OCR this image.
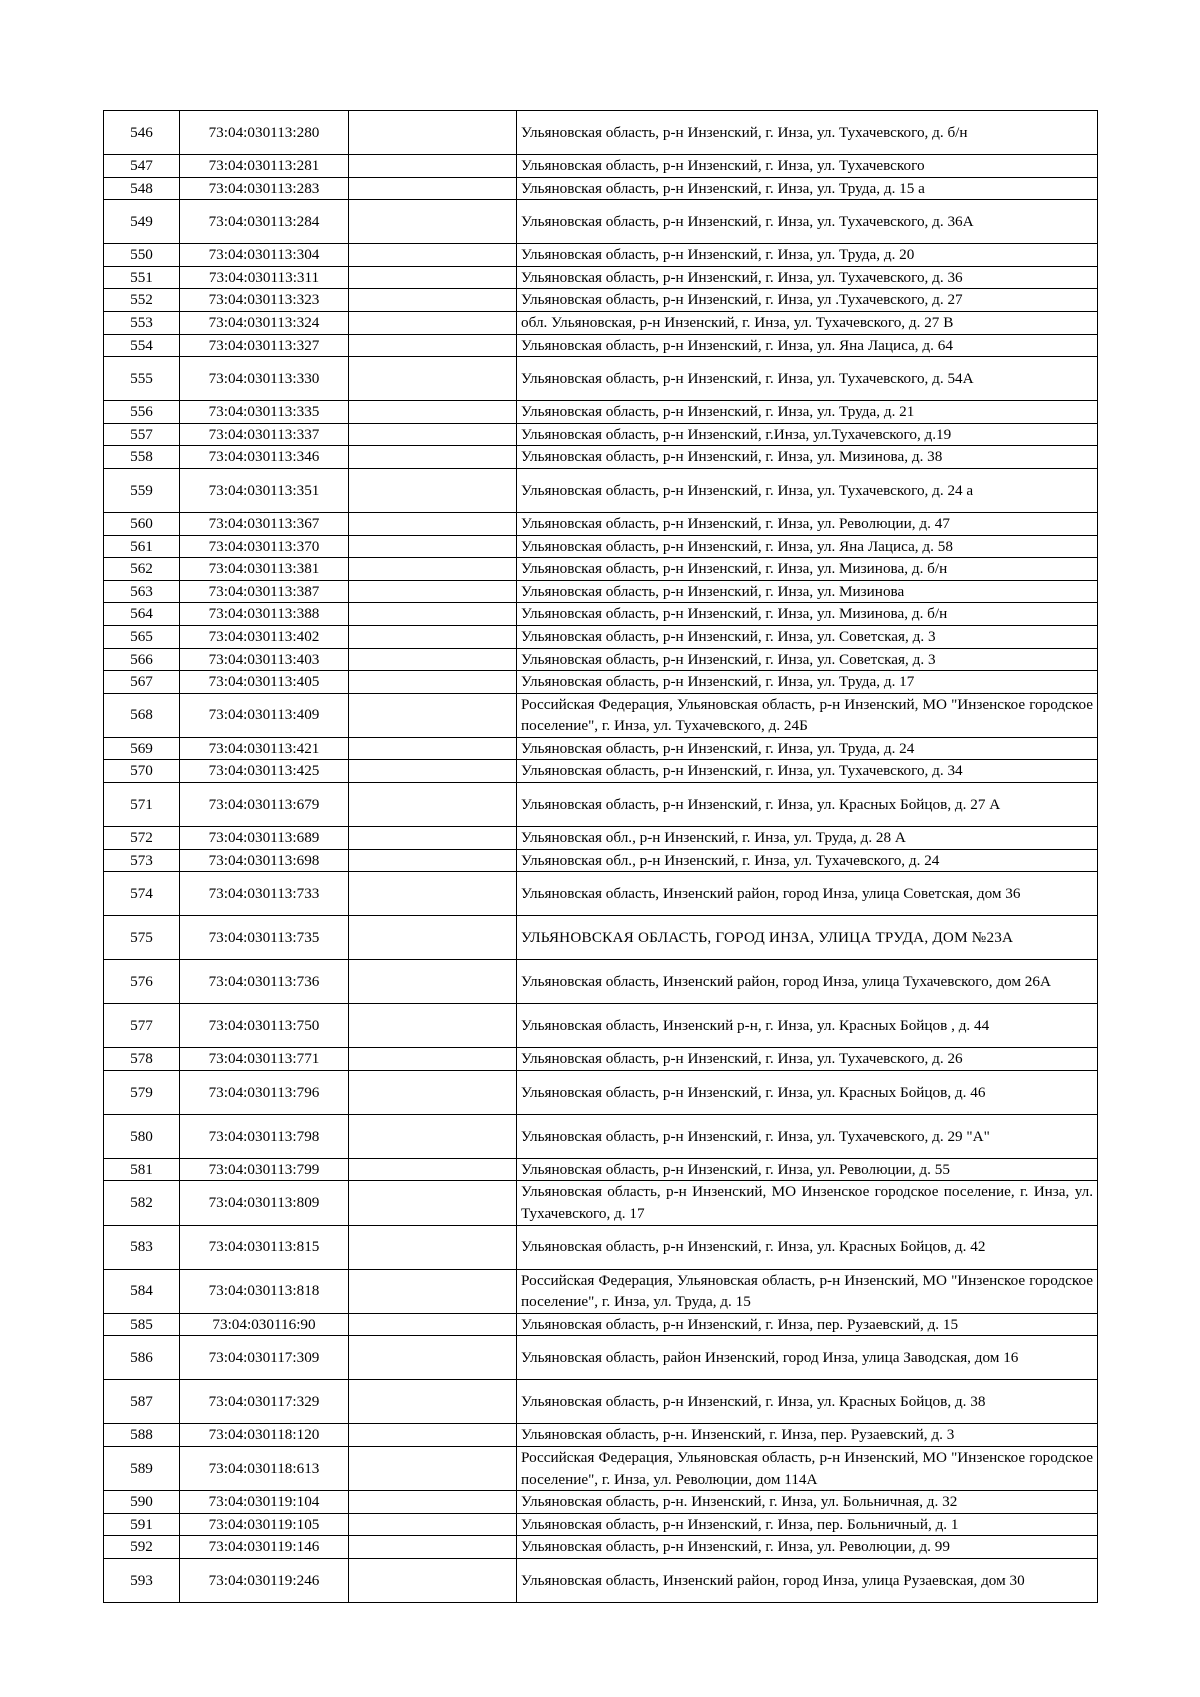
546	73:04:030113:280		Ульяновская область, р-н Инзенский, г. Инза, ул. Тухачевского, д. б/н
547	73:04:030113:281		Ульяновская область, р-н Инзенский, г. Инза, ул. Тухачевского
548	73:04:030113:283		Ульяновская область, р-н Инзенский, г. Инза, ул. Труда, д. 15 а
549	73:04:030113:284		Ульяновская область, р-н Инзенский, г. Инза, ул. Тухачевского, д. 36А
550	73:04:030113:304		Ульяновская область, р-н Инзенский, г. Инза, ул. Труда, д. 20
551	73:04:030113:311		Ульяновская область, р-н Инзенский, г. Инза, ул. Тухачевского, д. 36
552	73:04:030113:323		Ульяновская область, р-н Инзенский, г. Инза, ул .Тухачевского, д. 27
553	73:04:030113:324		обл. Ульяновская, р-н Инзенский, г. Инза, ул. Тухачевского, д. 27 В
554	73:04:030113:327		Ульяновская область, р-н Инзенский, г. Инза, ул. Яна Лациса, д. 64
555	73:04:030113:330		Ульяновская область, р-н Инзенский, г. Инза, ул. Тухачевского, д. 54А
556	73:04:030113:335		Ульяновская область, р-н Инзенский, г. Инза, ул. Труда, д. 21
557	73:04:030113:337		Ульяновская область, р-н Инзенский, г.Инза, ул.Тухачевского, д.19
558	73:04:030113:346		Ульяновская область, р-н Инзенский, г. Инза, ул. Мизинова, д. 38
559	73:04:030113:351		Ульяновская область, р-н Инзенский, г. Инза, ул. Тухачевского, д. 24 а
560	73:04:030113:367		Ульяновская область, р-н Инзенский, г. Инза, ул. Революции, д. 47
561	73:04:030113:370		Ульяновская область, р-н Инзенский, г. Инза, ул. Яна Лациса, д. 58
562	73:04:030113:381		Ульяновская область, р-н Инзенский, г. Инза, ул. Мизинова, д. б/н
563	73:04:030113:387		Ульяновская область, р-н Инзенский, г. Инза, ул. Мизинова
564	73:04:030113:388		Ульяновская область, р-н Инзенский, г. Инза, ул. Мизинова, д. б/н
565	73:04:030113:402		Ульяновская область, р-н Инзенский, г. Инза, ул. Советская, д. 3
566	73:04:030113:403		Ульяновская область, р-н Инзенский, г. Инза, ул. Советская, д. 3
567	73:04:030113:405		Ульяновская область, р-н Инзенский, г. Инза, ул. Труда, д. 17
568	73:04:030113:409		Российская Федерация, Ульяновская область, р-н Инзенский, МО "Инзенское городское поселение", г. Инза, ул. Тухачевского, д. 24Б
569	73:04:030113:421		Ульяновская область, р-н Инзенский, г. Инза, ул. Труда, д. 24
570	73:04:030113:425		Ульяновская область, р-н Инзенский, г. Инза, ул. Тухачевского, д. 34
571	73:04:030113:679		Ульяновская область, р-н Инзенский, г. Инза, ул. Красных Бойцов, д. 27 А
572	73:04:030113:689		Ульяновская обл., р-н Инзенский, г. Инза, ул. Труда, д. 28 А
573	73:04:030113:698		Ульяновская обл., р-н Инзенский, г. Инза, ул. Тухачевского, д. 24
574	73:04:030113:733		Ульяновская область, Инзенский район, город Инза, улица Советская, дом 36
575	73:04:030113:735		УЛЬЯНОВСКАЯ ОБЛАСТЬ, ГОРОД ИНЗА, УЛИЦА ТРУДА, ДОМ №23А
576	73:04:030113:736		Ульяновская область, Инзенский район, город Инза, улица Тухачевского, дом 26А
577	73:04:030113:750		Ульяновская область, Инзенский р-н, г. Инза, ул. Красных Бойцов , д. 44
578	73:04:030113:771		Ульяновская область, р-н Инзенский, г. Инза, ул. Тухачевского, д. 26
579	73:04:030113:796		Ульяновская область, р-н Инзенский, г. Инза, ул. Красных Бойцов, д. 46
580	73:04:030113:798		Ульяновская область, р-н Инзенский, г. Инза, ул. Тухачевского, д. 29 "А"
581	73:04:030113:799		Ульяновская область, р-н Инзенский, г. Инза, ул. Революции, д. 55
582	73:04:030113:809		Ульяновская область, р-н Инзенский, МО Инзенское городское поселение, г. Инза, ул. Тухачевского, д. 17
583	73:04:030113:815		Ульяновская область, р-н Инзенский, г. Инза, ул. Красных Бойцов, д. 42
584	73:04:030113:818		Российская Федерация, Ульяновская область, р-н Инзенский, МО "Инзенское городское поселение", г. Инза, ул. Труда, д. 15
585	73:04:030116:90		Ульяновская область, р-н Инзенский, г. Инза, пер. Рузаевский, д. 15
586	73:04:030117:309		Ульяновская область, район Инзенский, город Инза, улица Заводская, дом 16
587	73:04:030117:329		Ульяновская область, р-н Инзенский, г. Инза, ул. Красных Бойцов, д. 38
588	73:04:030118:120		Ульяновская область, р-н. Инзенский, г. Инза, пер. Рузаевский, д. 3
589	73:04:030118:613		Российская Федерация, Ульяновская область, р-н Инзенский, МО "Инзенское городское поселение", г. Инза, ул. Революции, дом 114А
590	73:04:030119:104		Ульяновская область, р-н. Инзенский, г. Инза, ул. Больничная, д. 32
591	73:04:030119:105		Ульяновская область, р-н Инзенский, г. Инза, пер. Больничный, д. 1
592	73:04:030119:146		Ульяновская область, р-н Инзенский, г. Инза, ул. Революции, д. 99
593	73:04:030119:246		Ульяновская область, Инзенский район, город Инза, улица Рузаевская, дом 30
